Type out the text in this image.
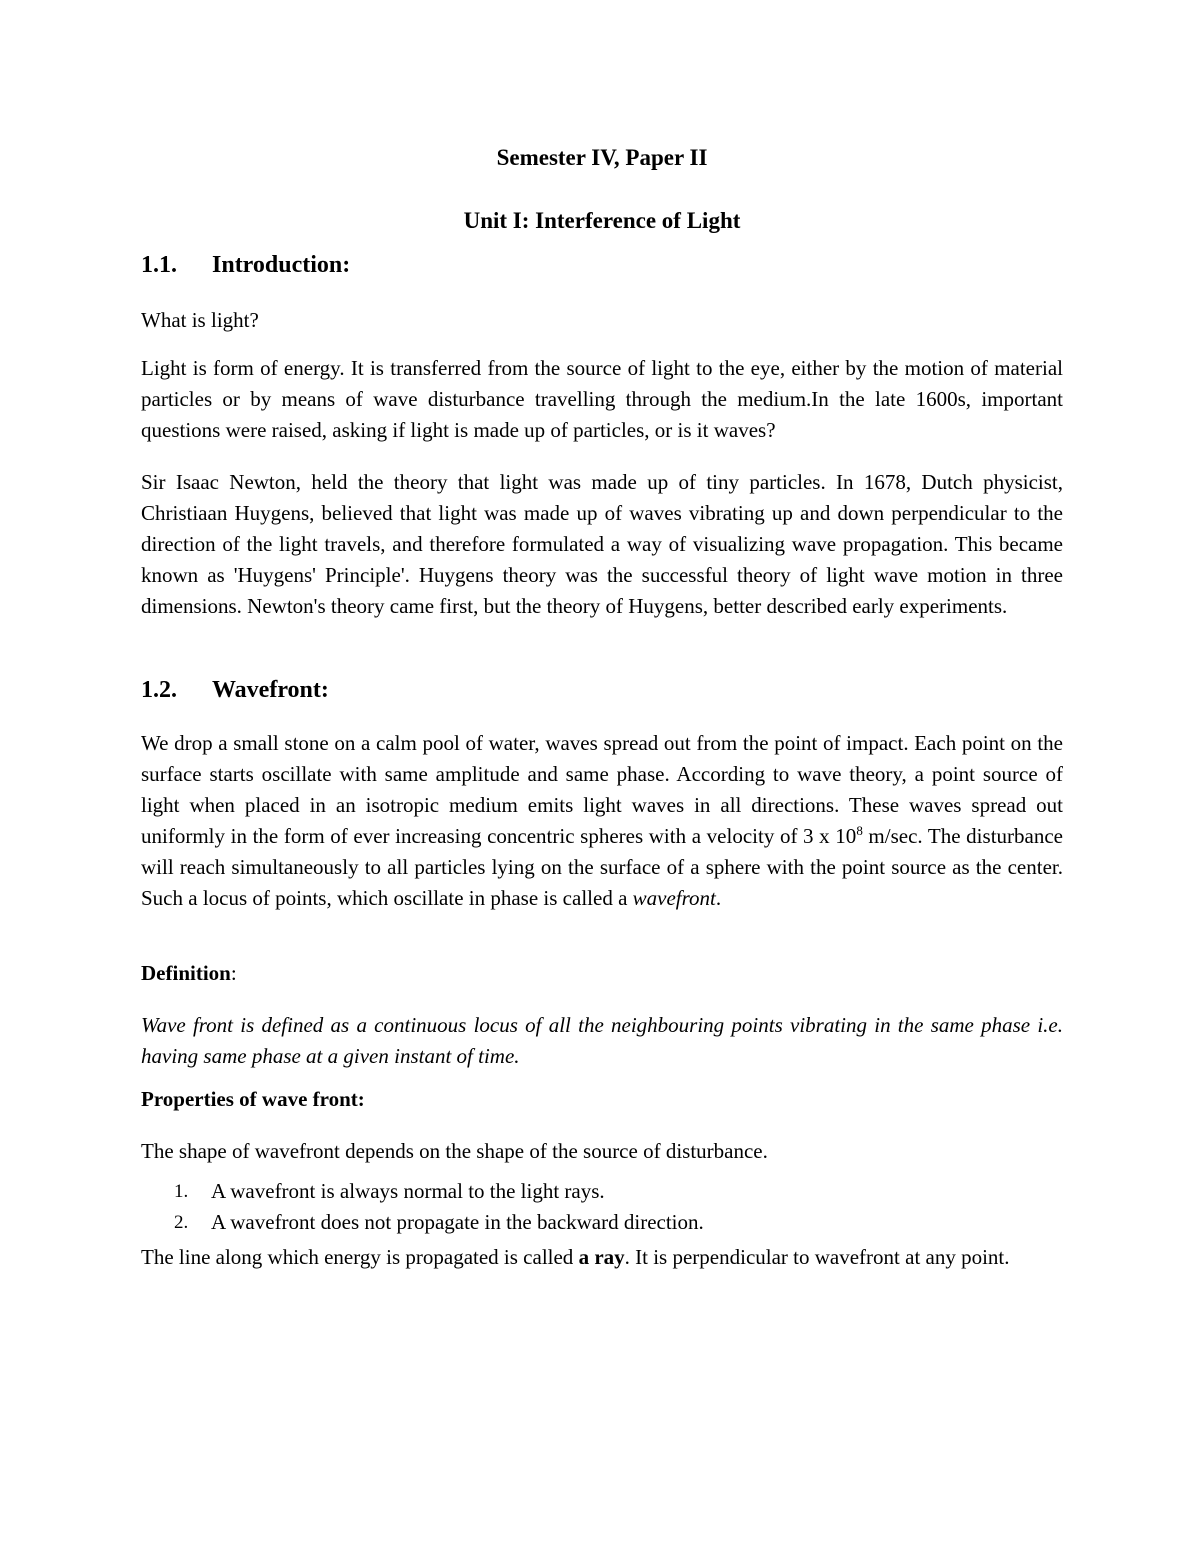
Semester IV, Paper II
Unit I: Interference of Light
1.1. Introduction:

What is light?

Light is form of energy. It is transferred from the source of light to the eye, either by the motion of material particles or by means of wave disturbance travelling through the medium.In the late 1600s, important questions were raised, asking if light is made up of particles, or is it waves?

Sir Isaac Newton, held the theory that light was made up of tiny particles. In 1678, Dutch physicist, Christiaan Huygens, believed that light was made up of waves vibrating up and down perpendicular to the direction of the light travels, and therefore formulated a way of visualizing wave propagation. This became known as 'Huygens' Principle'. Huygens theory was the successful theory of light wave motion in three dimensions. Newton's theory came first, but the theory of Huygens, better described early experiments.

1.2. Wavefront:

We drop a small stone on a calm pool of water, waves spread out from the point of impact. Each point on the surface starts oscillate with same amplitude and same phase. According to wave theory, a point source of light when placed in an isotropic medium emits light waves in all directions. These waves spread out uniformly in the form of ever increasing concentric spheres with a velocity of 3 x $10^8$ m/sec. The disturbance will reach simultaneously to all particles lying on the surface of a sphere with the point source as the center. Such a locus of points, which oscillate in phase is called a wavefront.

Definition:

Wave front is defined as a continuous locus of all the neighbouring points vibrating in the same phase i.e. having same phase at a given instant of time.

Properties of wave front:

The shape of wavefront depends on the shape of the source of disturbance.

1. A wavefront is always normal to the light rays.
2. A wavefront does not propagate in the backward direction.

The line along which energy is propagated is called a ray. It is perpendicular to wavefront at any point.
